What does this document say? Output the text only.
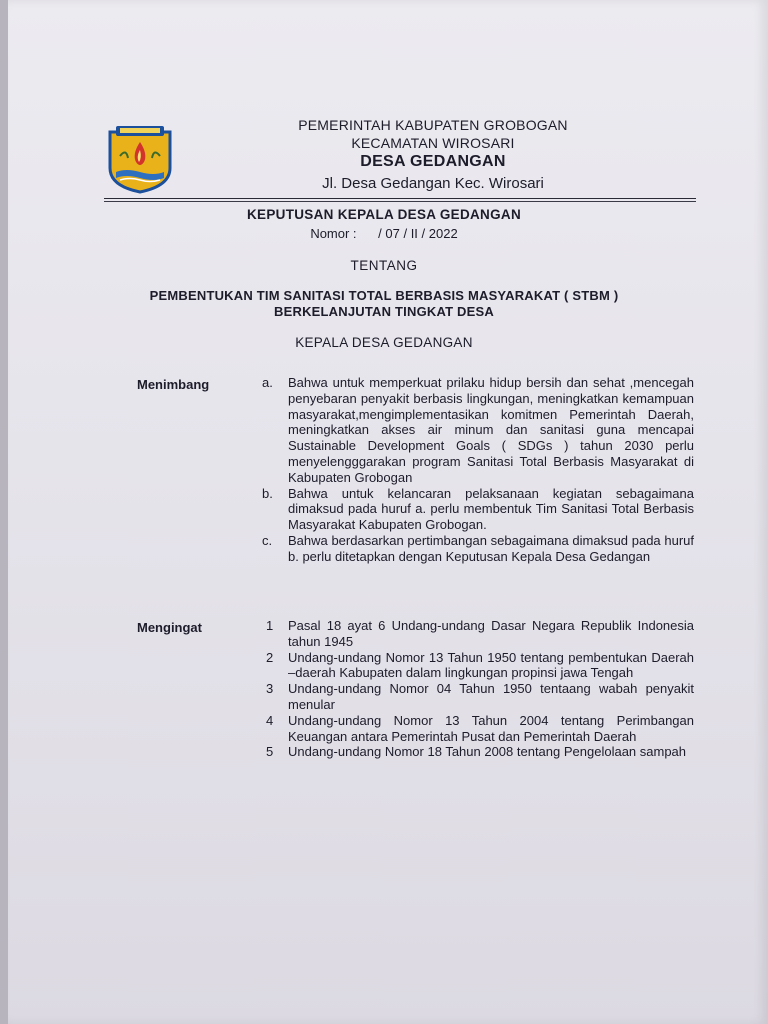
PEMERINTAH KABUPATEN GROBOGAN
KECAMATAN WIROSARI
DESA GEDANGAN
Jl. Desa Gedangan Kec. Wirosari
KEPUTUSAN KEPALA DESA GEDANGAN
Nomor : / 07 / II / 2022
TENTANG
PEMBENTUKAN TIM SANITASI TOTAL BERBASIS MASYARAKAT ( STBM )
BERKELANJUTAN TINGKAT DESA
KEPALA DESA GEDANGAN
Menimbang	a.	Bahwa untuk memperkuat prilaku hidup bersih dan sehat ,mencegah penyebaran penyakit berbasis lingkungan, meningkatkan kemampuan masyarakat,mengimplementasikan komitmen Pemerintah Daerah, meningkatkan akses air minum dan sanitasi guna mencapai Sustainable Development Goals ( SDGs ) tahun 2030 perlu menyelengggarakan program Sanitasi Total Berbasis Masyarakat di Kabupaten Grobogan
b.	Bahwa untuk kelancaran pelaksanaan kegiatan sebagaimana dimaksud pada huruf a. perlu membentuk Tim Sanitasi Total Berbasis Masyarakat Kabupaten Grobogan.
c.	Bahwa berdasarkan pertimbangan sebagaimana dimaksud pada huruf b. perlu ditetapkan dengan Keputusan Kepala Desa Gedangan
Mengingat	1	Pasal 18 ayat 6 Undang-undang Dasar Negara Republik Indonesia tahun 1945
2	Undang-undang Nomor 13 Tahun 1950 tentang pembentukan Daerah –daerah Kabupaten dalam lingkungan propinsi jawa Tengah
3	Undang-undang Nomor 04 Tahun 1950 tentaang wabah penyakit menular
4	Undang-undang Nomor 13 Tahun 2004 tentang Perimbangan Keuangan antara Pemerintah Pusat dan Pemerintah Daerah
5	Undang-undang Nomor 18 Tahun 2008 tentang Pengelolaan sampah
